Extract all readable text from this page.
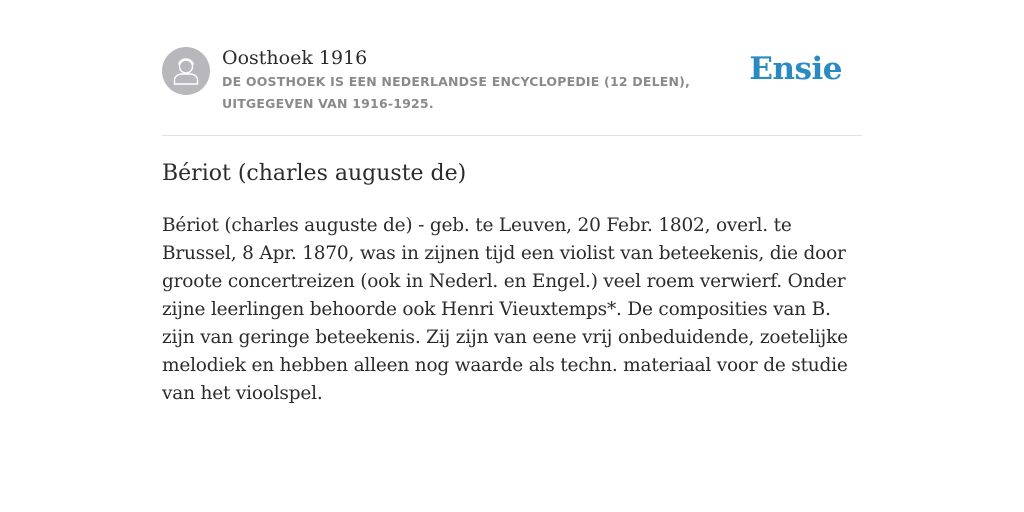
Oosthoek 1916
DE OOSTHOEK IS EEN NEDERLANDSE ENCYCLOPEDIE (12 DELEN), UITGEGEVEN VAN 1916-1925.
Ensie
Bériot (charles auguste de)

Bériot (charles auguste de) - geb. te Leuven, 20 Febr. 1802, overl. te Brussel, 8 Apr. 1870, was in zijnen tijd een violist van beteekenis, die door groote concertreizen (ook in Nederl. en Engel.) veel roem verwierf. Onder zijne leerlingen behoorde ook Henri Vieuxtemps*. De composities van B. zijn van geringe beteekenis. Zij zijn van eene vrij onbeduidende, zoetelijke melodiek en hebben alleen nog waarde als techn. materiaal voor de studie van het vioolspel.
